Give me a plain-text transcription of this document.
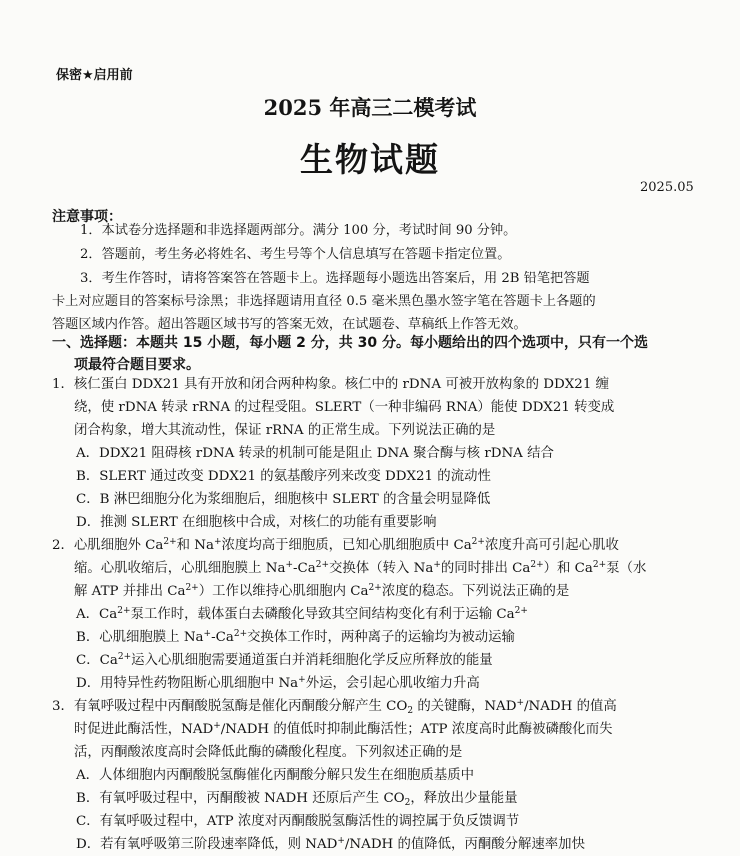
保密★启用前
2025 年高三二模考试
生物试题
2025.05
注意事项：
1．本试卷分选择题和非选择题两部分。满分 100 分，考试时间 90 分钟。
2．答题前，考生务必将姓名、考生号等个人信息填写在答题卡指定位置。
3．考生作答时，请将答案答在答题卡上。选择题每小题选出答案后，用 2B 铅笔把答题
卡上对应题目的答案标号涂黑；非选择题请用直径 0.5 毫米黑色墨水签字笔在答题卡上各题的
答题区域内作答。超出答题区域书写的答案无效，在试题卷、草稿纸上作答无效。
一、选择题：本题共 15 小题，每小题 2 分，共 30 分。每小题给出的四个选项中，只有一个选
项最符合题目要求。
1．核仁蛋白 DDX21 具有开放和闭合两种构象。核仁中的 rDNA 可被开放构象的 DDX21 缠
绕，使 rDNA 转录 rRNA 的过程受阻。SLERT（一种非编码 RNA）能使 DDX21 转变成
闭合构象，增大其流动性，保证 rRNA 的正常生成。下列说法正确的是
A．DDX21 阻碍核 rDNA 转录的机制可能是阻止 DNA 聚合酶与核 rDNA 结合
B．SLERT 通过改变 DDX21 的氨基酸序列来改变 DDX21 的流动性
C．B 淋巴细胞分化为浆细胞后，细胞核中 SLERT 的含量会明显降低
D．推测 SLERT 在细胞核中合成，对核仁的功能有重要影响
2．心肌细胞外 $Ca^{2+}$和 Na+浓度均高于细胞质，已知心肌细胞质中 $Ca^{2+}$浓度升高可引起心肌收
缩。心肌收缩后，心肌细胞膜上 $Na^+-Ca^{2+}$交换体（转入 Na+的同时排出 $Ca^{2+}$）和 $Ca^{2+}$泵（水
解 ATP 并排出 $Ca^{2+}$）工作以维持心肌细胞内 $Ca^{2+}$浓度的稳态。下列说法正确的是
A．$Ca^{2+}$泵工作时，载体蛋白去磷酸化导致其空间结构变化有利于运输 $Ca^{2+}$
B．心肌细胞膜上 $Na^+-Ca^{2+}$交换体工作时，两种离子的运输均为被动运输
C．$Ca^{2+}$运入心肌细胞需要通道蛋白并消耗细胞化学反应所释放的能量
D．用特异性药物阻断心肌细胞中 Na+外运，会引起心肌收缩力升高
3．有氧呼吸过程中丙酮酸脱氢酶是催化丙酮酸分解产生 $CO_2$ 的关键酶，NAD+/NADH 的值高
时促进此酶活性，NAD+/NADH 的值低时抑制此酶活性；ATP 浓度高时此酶被磷酸化而失
活，丙酮酸浓度高时会降低此酶的磷酸化程度。下列叙述正确的是
A．人体细胞内丙酮酸脱氢酶催化丙酮酸分解只发生在细胞质基质中
B．有氧呼吸过程中，丙酮酸被 NADH 还原后产生 $CO_2$，释放出少量能量
C．有氧呼吸过程中，ATP 浓度对丙酮酸脱氢酶活性的调控属于负反馈调节
D．若有氧呼吸第三阶段速率降低，则 NAD+/NADH 的值降低，丙酮酸分解速率加快
